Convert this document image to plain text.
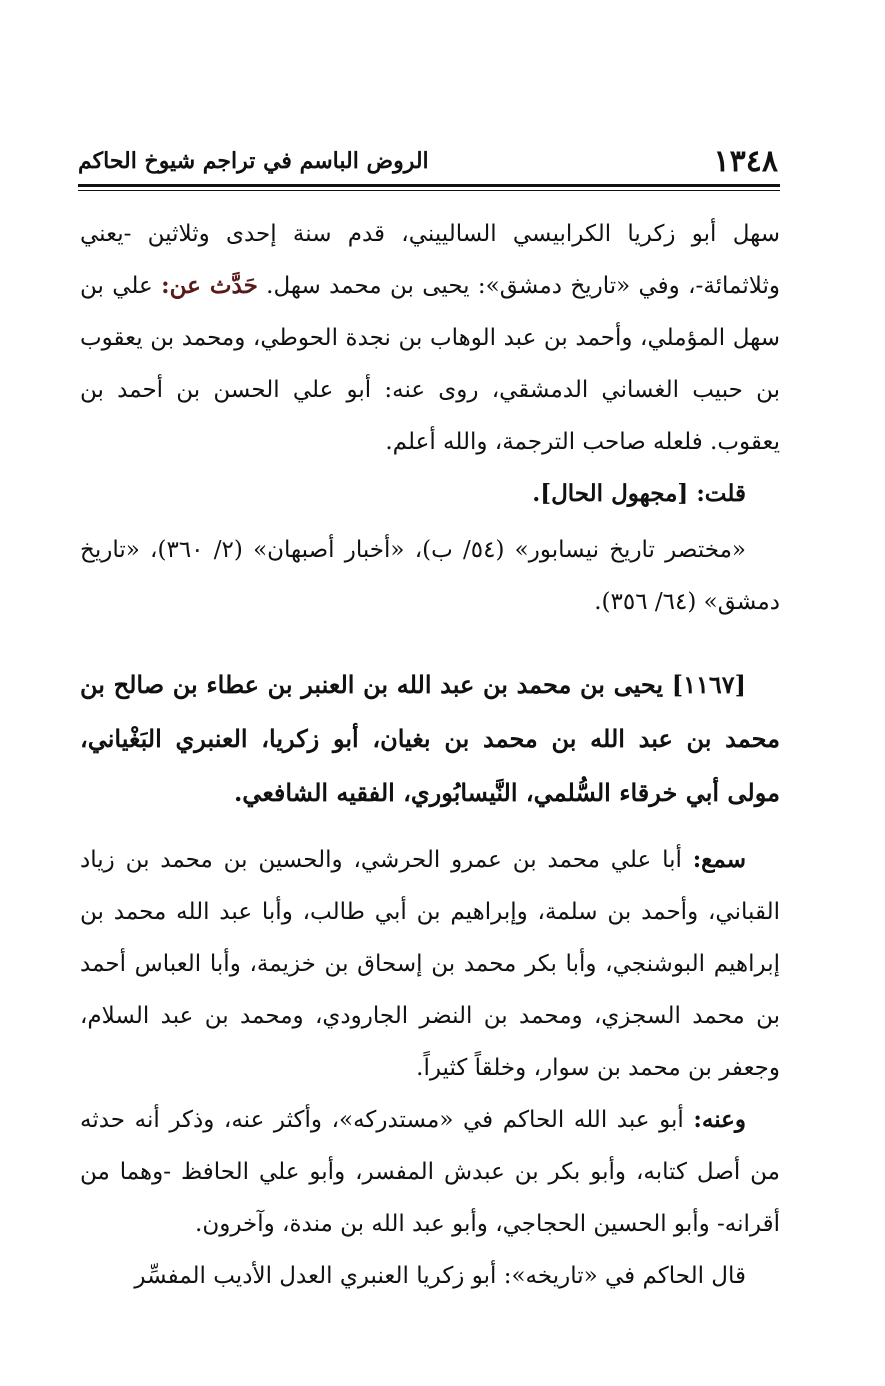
١٣٤٨
الروض الباسم في تراجم شيوخ الحاكم

سهل أبو زكريا الكرابيسي السالييني، قدم سنة إحدى وثلاثين -يعني وثلاثمائة-، وفي «تاريخ دمشق»: يحيى بن محمد سهل. حَدَّث عن: علي بن سهل المؤملي، وأحمد بن عبد الوهاب بن نجدة الحوطي، ومحمد بن يعقوب بن حبيب الغساني الدمشقي، روى عنه: أبو علي الحسن بن أحمد بن يعقوب. فلعله صاحب الترجمة، والله أعلم.

قلت: [مجهول الحال].

«مختصر تاريخ نيسابور» (٥٤/ ب)، «أخبار أصبهان» (٢/ ٣٦٠)، «تاريخ دمشق» (٦٤/ ٣٥٦).

[١١٦٧] يحيى بن محمد بن عبد الله بن العنبر بن عطاء بن صالح بن محمد بن عبد الله بن محمد بن بغيان، أبو زكريا، العنبري البَغْياني، مولى أبي خرقاء السُّلمي، النَّيسابُوري، الفقيه الشافعي.

سمع: أبا علي محمد بن عمرو الحرشي، والحسين بن محمد بن زياد القباني، وأحمد بن سلمة، وإبراهيم بن أبي طالب، وأبا عبد الله محمد بن إبراهيم البوشنجي، وأبا بكر محمد بن إسحاق بن خزيمة، وأبا العباس أحمد بن محمد السجزي، ومحمد بن النضر الجارودي، ومحمد بن عبد السلام، وجعفر بن محمد بن سوار، وخلقاً كثيراً.

وعنه: أبو عبد الله الحاكم في «مستدركه»، وأكثر عنه، وذكر أنه حدثه من أصل كتابه، وأبو بكر بن عبدش المفسر، وأبو علي الحافظ -وهما من أقرانه- وأبو الحسين الحجاجي، وأبو عبد الله بن مندة، وآخرون.

قال الحاكم في «تاريخه»: أبو زكريا العنبري العدل الأديب المفسِّر
